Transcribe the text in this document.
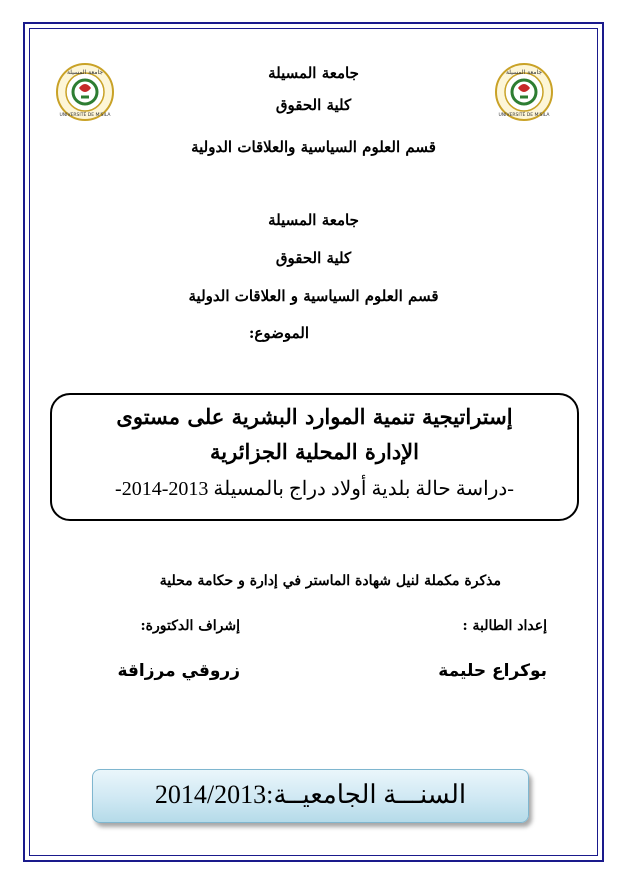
جامعة المسيلة
UNIVERSITÉ DE M'SILA
جامعة المسيلة
UNIVERSITÉ DE M'SILA
جامعة المسيلة
كلية الحقوق
قسم العلوم السياسية والعلاقات الدولية
جامعة المسيلة
كلية الحقوق
قسم العلوم السياسية و العلاقات الدولية
الموضوع:
إستراتيجية تنمية الموارد البشرية على مستوى
الإدارة المحلية الجزائرية
-دراسة حالة بلدية أولاد دراج بالمسيلة 2013-2014-
مذكرة مكملة لنيل شهادة الماستر في إدارة و حكامة محلية
إعداد الطالبة :
إشراف الدكتورة:
بوكراع حليمة
زروقي مرزاقة
السنـــة الجامعيــة:2014/2013
